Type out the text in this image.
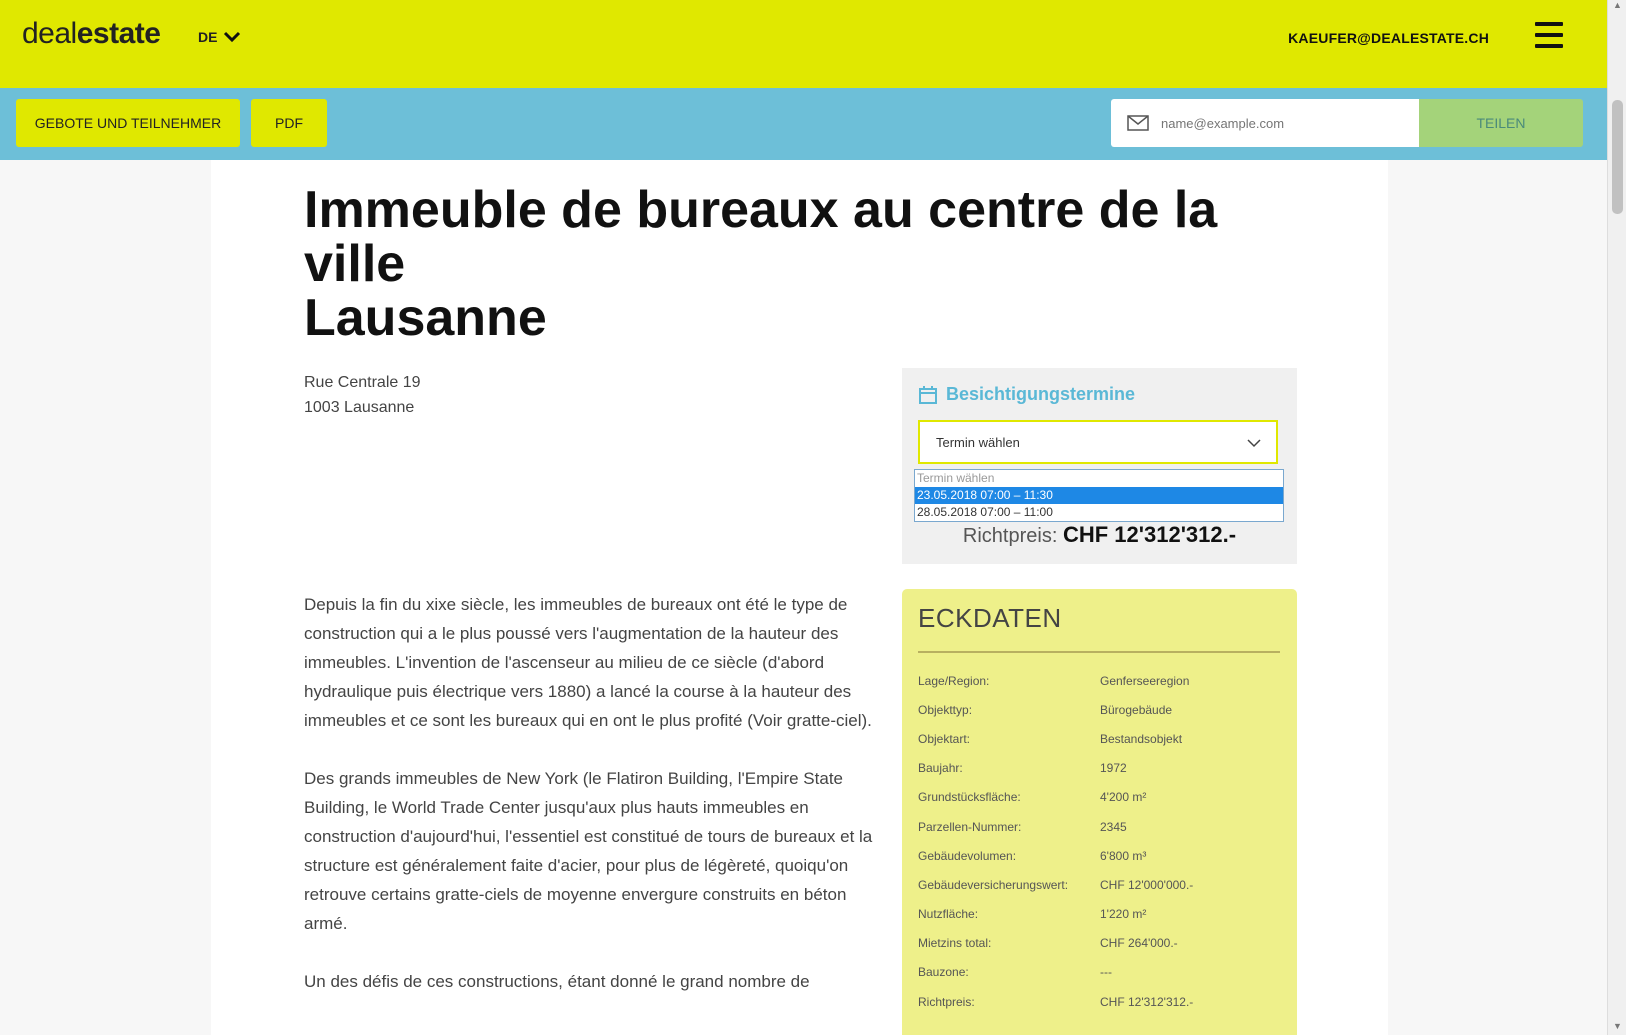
dealestate	DE	KAEUFER@DEALESTATE.CH
GEBOTE UND TEILNEHMER	PDF
name@example.com	TEILEN
Immeuble de bureaux au centre de la ville
Lausanne
Rue Centrale 19
1003 Lausanne
Besichtigungstermine
Termin wählen
Richtpreis: CHF 12'312'312.-
Termin wählen
23.05.2018 07:00 – 11:30
28.05.2018 07:00 – 11:00

Depuis la fin du xixe siècle, les immeubles de bureaux ont été le type de construction qui a le plus poussé vers l'augmentation de la hauteur des immeubles. L'invention de l'ascenseur au milieu de ce siècle (d'abord hydraulique puis électrique vers 1880) a lancé la course à la hauteur des immeubles et ce sont les bureaux qui en ont le plus profité (Voir gratte-ciel).

Des grands immeubles de New York (le Flatiron Building, l'Empire State Building, le World Trade Center jusqu'aux plus hauts immeubles en construction d'aujourd'hui, l'essentiel est constitué de tours de bureaux et la structure est généralement faite d'acier, pour plus de légèreté, quoiqu'on retrouve certains gratte-ciels de moyenne envergure construits en béton armé.

Un des défis de ces constructions, étant donné le grand nombre de

ECKDATEN
Lage/Region:	Genferseeregion
Objekttyp:	Bürogebäude
Objektart:	Bestandsobjekt
Baujahr:	1972
Grundstücksfläche:	4'200 m²
Parzellen-Nummer:	2345
Gebäudevolumen:	6'800 m³
Gebäudeversicherungswert:	CHF 12'000'000.-
Nutzfläche:	1'220 m²
Mietzins total:	CHF 264'000.-
Bauzone:	---
Richtpreis:	CHF 12'312'312.-
▲
▼
